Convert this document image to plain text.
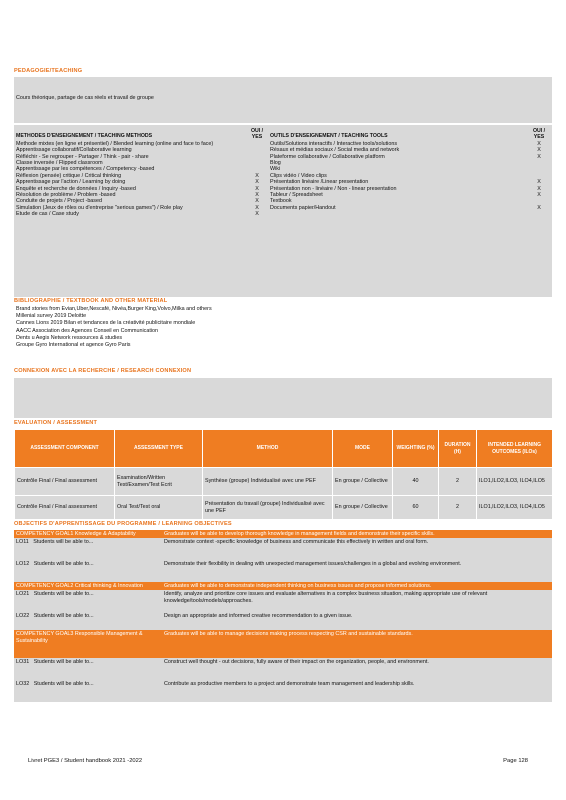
PEDAGOGIE/TEACHING
Cours théorique, partage de cas réels et travail de groupe
METHODES D'ENSEIGNEMENT / TEACHING METHODS	OUI / YES	OUTILS D'ENSEIGNEMENT / TEACHING TOOLS	OUI / YES
Methode mixtes (en ligne et présentiel) / Blended learning (online and face to face)		Outils/Solutions interactifs / Interactive tools/solutions	X
Apprentissage collaboratif/Collaborative learning		Résaux et médias sociaux / Social media and network	X
Réfléchir - Se regrouper - Partager / Think - pair - share		Plateforme collaborative / Collaborative platform	X
Classe inversée / Flipped classroom		Blog	
Apprentissage par les compétences / Competency -based		Wiki	
Réflexion (pensée) critique / Critical thinking	X	Clips vidéo / Video clips	
Apprentissage par l'action / Learning by doing	X	Présentation linéaire /Linear presentation	X
Enquête et recherche de données / Inquiry -based	X	Présentation non - linéaire / Non - linear presentation	X
Résolution de problème / Problem -based	X	Tableur / Spreadsheet	X
Conduite de projets / Project -based	X	Textbook	
Simulation (Jeux de rôles ou d'entreprise "serious games") / Role play	X	Documents papier/Handout	X
Etude de cas / Case study	X		
BIBLIOGRAPHIE / TEXTBOOK AND OTHER MATERIAL
Brand stories from Evian,Uber,Nescafé, Nivéa,Burger King,Volvo,Milka and others
Millenial survey 2019 Deloitte
Cannes Lions 2019 Bilan et tendances de la créativité publicitaire mondiale
AACC Association des Agences Conseil en Communication
Dents u Aegis Network ressources & studies
Groupe Gyro International et agence Gyro Paris
CONNEXION AVEC LA RECHERCHE / RESEARCH CONNEXION
EVALUATION / ASSESSMENT
ASSESSMENT COMPONENT	ASSESSMENT TYPE	METHOD	MODE	WEIGHTING (%)	DURATION (H)	INTENDED LEARNING OUTCOMES (ILOs)
Contrôle Final / Final assessment	Examination/Written Test/Examen/Test Ecrit	Synthèse (groupe) Individualisé avec une PEF	En groupe / Collective	40	2	ILO1,ILO2,ILO3, ILO4,ILO5
Contrôle Final / Final assessment	Oral Test/Test oral	Présentation du travail (groupe) Individualisé avec une PEF	En groupe / Collective	60	2	ILO1,ILO2,ILO3, ILO4,ILO5
OBJECTIFS D'APPRENTISSAGE DU PROGRAMME / LEARNING OBJECTIVES
COMPETENCY GOAL1 Knowledge & Adaptability	Graduates will be able to develop thorough knowledge in management fields and demonstrate their specific skills.
LO11 Students will be able to...	Demonstrate context -specific knowledge of business and communicate this effectively in written and oral form.
LO12 Students will be able to...	Demonstrate their flexibility in dealing with unexpected management issues/challenges in a global and evolving environment.
COMPETENCY GOAL2 Critical thinking & Innovation	Graduates will be able to demonstrate independent thinking on business issues and propose informed solutions.
LO21 Students will be able to...	Identify, analyze and prioritize core issues and evaluate alternatives in a complex business situation, making appropriate use of relevant knowledge/tools/models/approaches.
LO22 Students will be able to...	Design an appropriate and informed creative recommendation to a given issue.
COMPETENCY GOAL3 Responsible Management & Sustainability	Graduates will be able to manage decisions making process respecting CSR and sustainable standards.
LO31 Students will be able to...	Construct well thought - out decisions, fully aware of their impact on the organization, people, and environment.
LO32 Students will be able to...	Contribute as productive members to a project and demonstrate team management and leadership skills.
Livret PGE3 / Student handbook 2021 -2022	Page 128
